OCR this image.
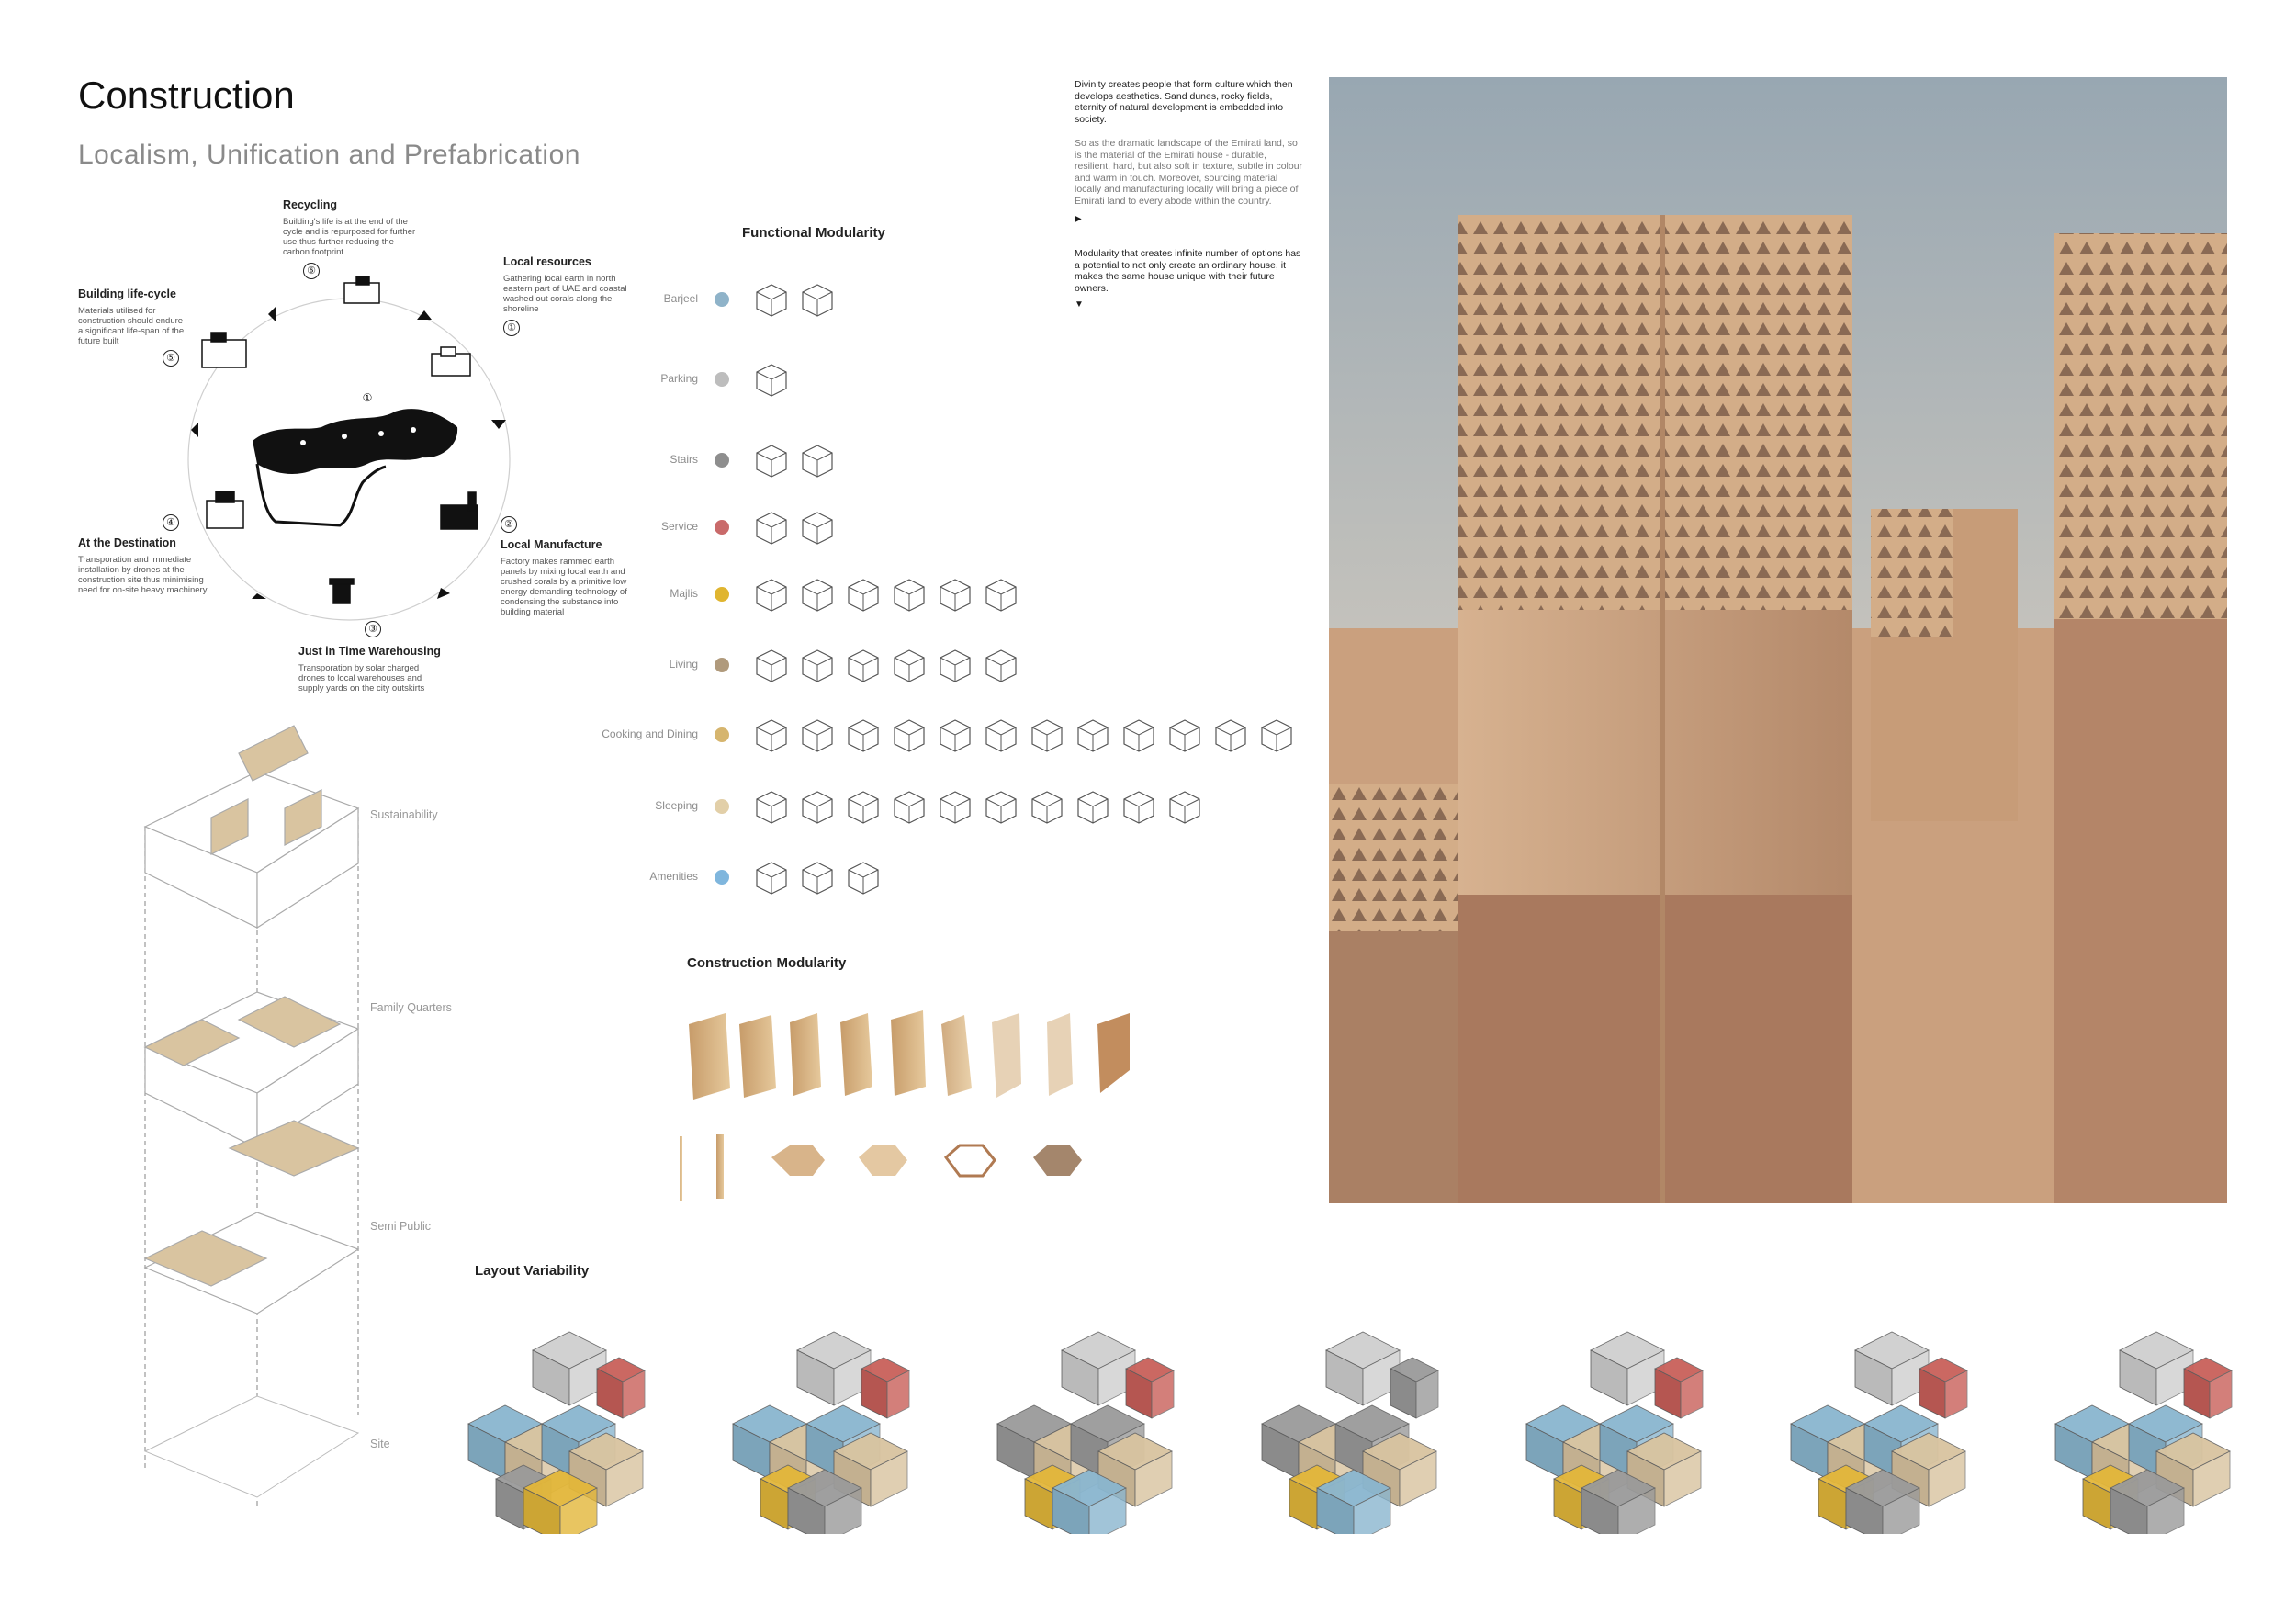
Construction
Localism, Unification and Prefabrication
①
Recycling
Building's life is at the end of the cycle and is repurposed for further use thus further reducing the carbon footprint
⑥
Local resources
Gathering local earth in north eastern part of UAE and coastal washed out corals along the shoreline
①
Building life-cycle
Materials utilised for construction should endure a significant life-span of the future built
⑤
④
At the Destination
Transporation and immediate installation by drones at the construction site thus minimising need for on-site heavy machinery
②
Local Manufacture
Factory makes rammed earth panels by mixing local earth and crushed corals by a primitive low energy demanding technology of condensing the substance into building material
③
Just in Time Warehousing
Transporation by solar charged drones to local warehouses and supply yards on the city outskirts
Functional Modularity
Barjeel
Parking
Stairs
Service
Majlis
Living
Cooking and Dining
Sleeping
Amenities
Construction Modularity
Divinity creates people that form culture which then develops aesthetics. Sand dunes, rocky fields, eternity of natural development is embedded into society.
So as the dramatic landscape of the Emirati land, so is the material of the Emirati house - durable, resilient, hard, but also soft in texture, subtle in colour and warm in touch. Moreover, sourcing material locally and manufacturing locally will bring a piece of Emirati land to every abode within the country.
▶
Modularity that creates infinite number of options has a potential to not only create an ordinary house, it makes the same house unique with their future owners.
▼
Sustainability
Family Quarters
Semi Public
Site
Layout Variability
